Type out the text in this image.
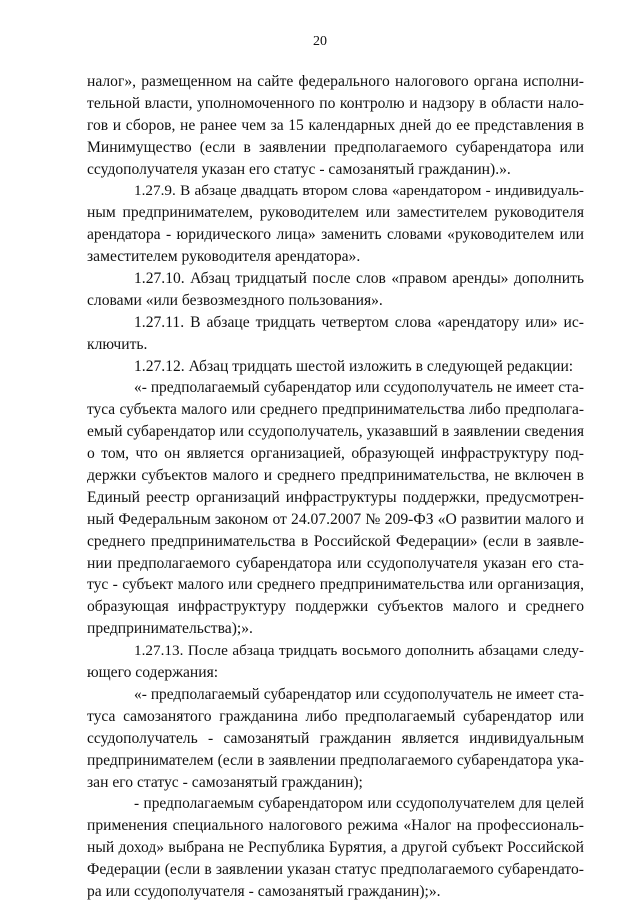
20
налог», размещенном на сайте федерального налогового органа исполни-
тельной власти, уполномоченного по контролю и надзору в области нало-
гов и сборов, не ранее чем за 15 календарных дней до ее представления в
Минимущество (если в заявлении предполагаемого субарендатора или
ссудополучателя указан его статус - самозанятый гражданин).».
1.27.9. В абзаце двадцать втором слова «арендатором - индивидуаль-
ным предпринимателем, руководителем или заместителем руководителя
арендатора - юридического лица» заменить словами «руководителем или
заместителем руководителя арендатора».
1.27.10. Абзац тридцатый после слов «правом аренды» дополнить
словами «или безвозмездного пользования».
1.27.11. В абзаце тридцать четвертом слова «арендатору или» ис-
ключить.
1.27.12. Абзац тридцать шестой изложить в следующей редакции:
«- предполагаемый субарендатор или ссудополучатель не имеет ста-
туса субъекта малого или среднего предпринимательства либо предполага-
емый субарендатор или ссудополучатель, указавший в заявлении сведения
о том, что он является организацией, образующей инфраструктуру под-
держки субъектов малого и среднего предпринимательства, не включен в
Единый реестр организаций инфраструктуры поддержки, предусмотрен-
ный Федеральным законом от 24.07.2007 № 209-ФЗ «О развитии малого и
среднего предпринимательства в Российской Федерации» (если в заявле-
нии предполагаемого субарендатора или ссудополучателя указан его ста-
тус - субъект малого или среднего предпринимательства или организация,
образующая инфраструктуру поддержки субъектов малого и среднего
предпринимательства);».
1.27.13. После абзаца тридцать восьмого дополнить абзацами следу-
ющего содержания:
«- предполагаемый субарендатор или ссудополучатель не имеет ста-
туса самозанятого гражданина либо предполагаемый субарендатор или
ссудополучатель - самозанятый гражданин является индивидуальным
предпринимателем (если в заявлении предполагаемого субарендатора ука-
зан его статус - самозанятый гражданин);
- предполагаемым субарендатором или ссудополучателем для целей
применения специального налогового режима «Налог на профессиональ-
ный доход» выбрана не Республика Бурятия, а другой субъект Российской
Федерации (если в заявлении указан статус предполагаемого субарендато-
ра или ссудополучателя - самозанятый гражданин);».
